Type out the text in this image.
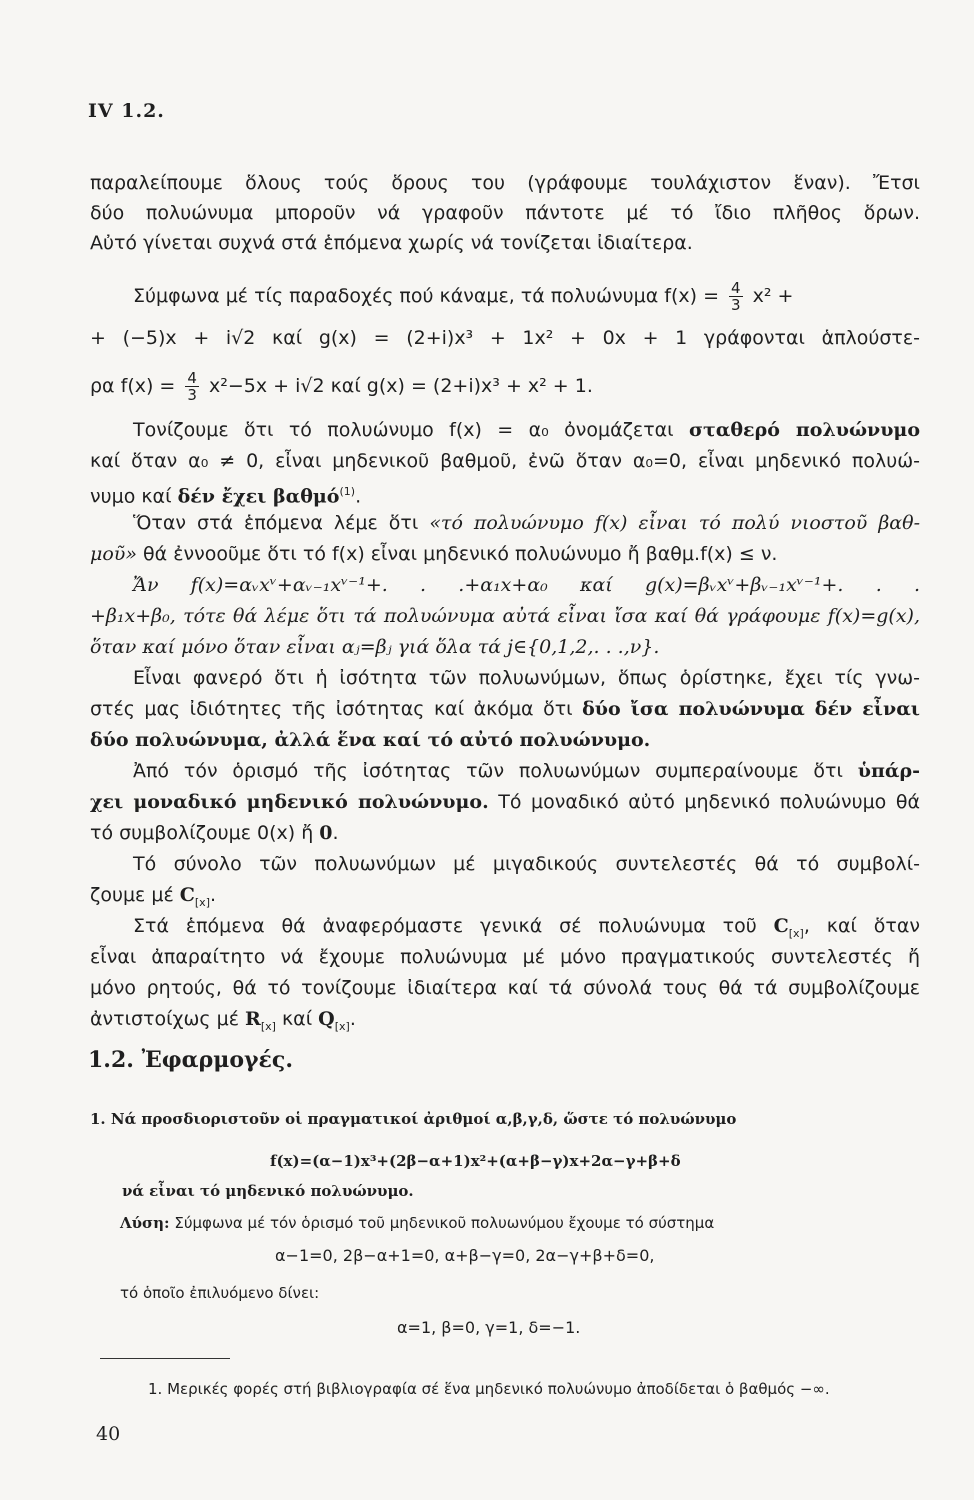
IV 1.2.
παραλείπουμε ὅλους τούς ὅρους του (γράφουμε τουλάχιστον ἕναν). Ἔτσι
δύο πολυώνυμα μποροῦν νά γραφοῦν πάντοτε μέ τό ἴδιο πλῆθος ὅρων.
Αὐτό γίνεται συχνά στά ἑπόμενα χωρίς νά τονίζεται ἰδιαίτερα.
Σύμφωνα μέ τίς παραδοχές πού κάναμε, τά πολυώνυμα $f(x) = \frac{4}{3} x^2$ +
+ (−5)x + i√2 καί g(x) = (2+i)x³ + 1x² + 0x + 1 γράφονται ἁπλούστε-
ρα $f(x) = \frac{4}{3} x^2-5x + i√2$ καί g(x) = (2+i)x³ + x² + 1.
Τονίζουμε ὅτι τό πολυώνυμο f(x) = α₀ ὀνομάζεται σταθερό πολυώνυμο
καί ὅταν α₀ ≠ 0, εἶναι μηδενικοῦ βαθμοῦ, ἐνῶ ὅταν α₀=0, εἶναι μηδενικό πολυώ-
νυμο καί δέν ἔχει βαθμό$^{(1)}$.
Ὅταν στά ἑπόμενα λέμε ὅτι «τό πολυώνυμο f(x) εἶναι τό πολύ νιοστοῦ βαθ-
μοῦ» θά ἐννοοῦμε ὅτι τό f(x) εἶναι μηδενικό πολυώνυμο ἤ βαθμ.f(x) ≤ ν.
Ἄν f(x)=αᵥxᵛ+αᵥ₋₁xᵛ⁻¹+. . .+α₁x+α₀ καί g(x)=βᵥxᵛ+βᵥ₋₁xᵛ⁻¹+. . .
+β₁x+β₀, τότε θά λέμε ὅτι τά πολυώνυμα αὐτά εἶναι ἴσα καί θά γράφουμε f(x)=g(x),
ὅταν καί μόνο ὅταν εἶναι αⱼ=βⱼ γιά ὅλα τά j∈{0,1,2,. . .,ν}.
Εἶναι φανερό ὅτι ἡ ἰσότητα τῶν πολυωνύμων, ὅπως ὁρίστηκε, ἔχει τίς γνω-
στές μας ἰδιότητες τῆς ἰσότητας καί ἀκόμα ὅτι δύο ἴσα πολυώνυμα δέν εἶναι
δύο πολυώνυμα, ἀλλά ἕνα καί τό αὐτό πολυώνυμο.
Ἀπό τόν ὁρισμό τῆς ἰσότητας τῶν πολυωνύμων συμπεραίνουμε ὅτι ὑπάρ-
χει μοναδικό μηδενικό πολυώνυμο. Τό μοναδικό αὐτό μηδενικό πολυώνυμο θά
τό συμβολίζουμε 0(x) ἤ 0.
Τό σύνολο τῶν πολυωνύμων μέ μιγαδικούς συντελεστές θά τό συμβολί-
ζουμε μέ $C_{[x]}$.
Στά ἑπόμενα θά ἀναφερόμαστε γενικά σέ πολυώνυμα τοῦ $C_{[x]}$, καί ὅταν
εἶναι ἀπαραίτητο νά ἔχουμε πολυώνυμα μέ μόνο πραγματικούς συντελεστές ἤ
μόνο ρητούς, θά τό τονίζουμε ἰδιαίτερα καί τά σύνολά τους θά τά συμβολίζουμε
ἀντιστοίχως μέ $R_{[x]}$ καί $Q_{[x]}$.
1.2. Ἐφαρμογές.
1. Νά προσδιοριστοῦν οἱ πραγματικοί ἀριθμοί α,β,γ,δ, ὥστε τό πολυώνυμο
f(x)=(α−1)x³+(2β−α+1)x²+(α+β−γ)x+2α−γ+β+δ
νά εἶναι τό μηδενικό πολυώνυμο.
Λύση: Σύμφωνα μέ τόν ὁρισμό τοῦ μηδενικοῦ πολυωνύμου ἔχουμε τό σύστημα
α−1=0, 2β−α+1=0, α+β−γ=0, 2α−γ+β+δ=0,
τό ὁποῖο ἐπιλυόμενο δίνει:
α=1, β=0, γ=1, δ=−1.
1. Μερικές φορές στή βιβλιογραφία σέ ἕνα μηδενικό πολυώνυμο ἀποδίδεται ὁ βαθμός −∞.
40
